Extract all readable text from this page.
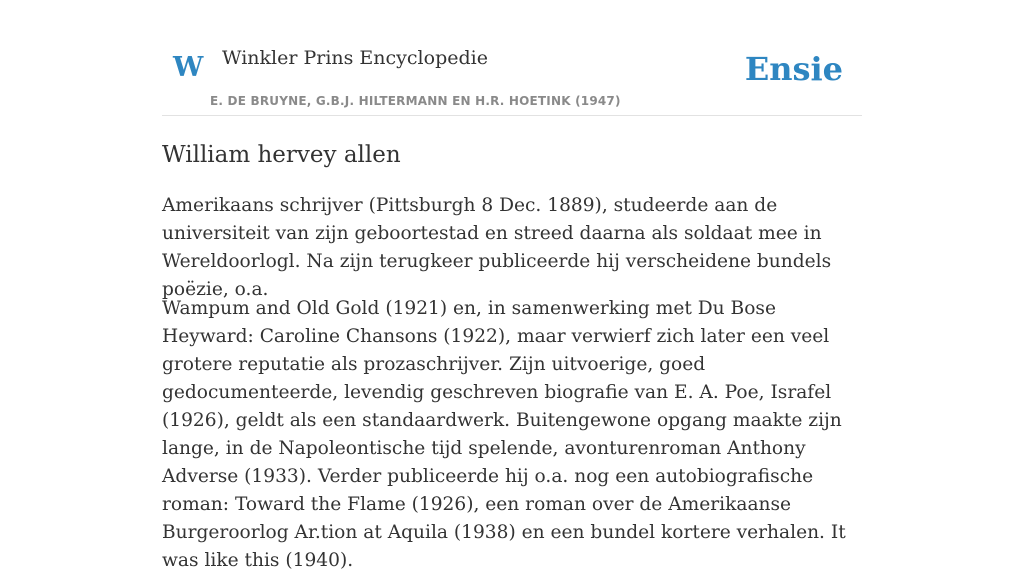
W Winkler Prins Encyclopedie
E. DE BRUYNE, G.B.J. HILTERMANN EN H.R. HOETINK (1947)
Ensie
William hervey allen

Amerikaans schrijver (Pittsburgh 8 Dec. 1889), studeerde aan de universiteit van zijn geboortestad en streed daarna als soldaat mee in Wereldoorlogl. Na zijn terugkeer publiceerde hij verscheidene bundels poëzie, o.a.

Wampum and Old Gold (1921) en, in samenwerking met Du Bose Heyward: Caroline Chansons (1922), maar verwierf zich later een veel grotere reputatie als prozaschrijver. Zijn uitvoerige, goed gedocumenteerde, levendig geschreven biografie van E. A. Poe, Israfel (1926), geldt als een standaardwerk. Buitengewone opgang maakte zijn lange, in de Napoleontische tijd spelende, avonturenroman Anthony Adverse (1933). Verder publiceerde hij o.a. nog een autobiografische roman: Toward the Flame (1926), een roman over de Amerikaanse Burgeroorlog Ar.tion at Aquila (1938) en een bundel kortere verhalen. It was like this (1940).
